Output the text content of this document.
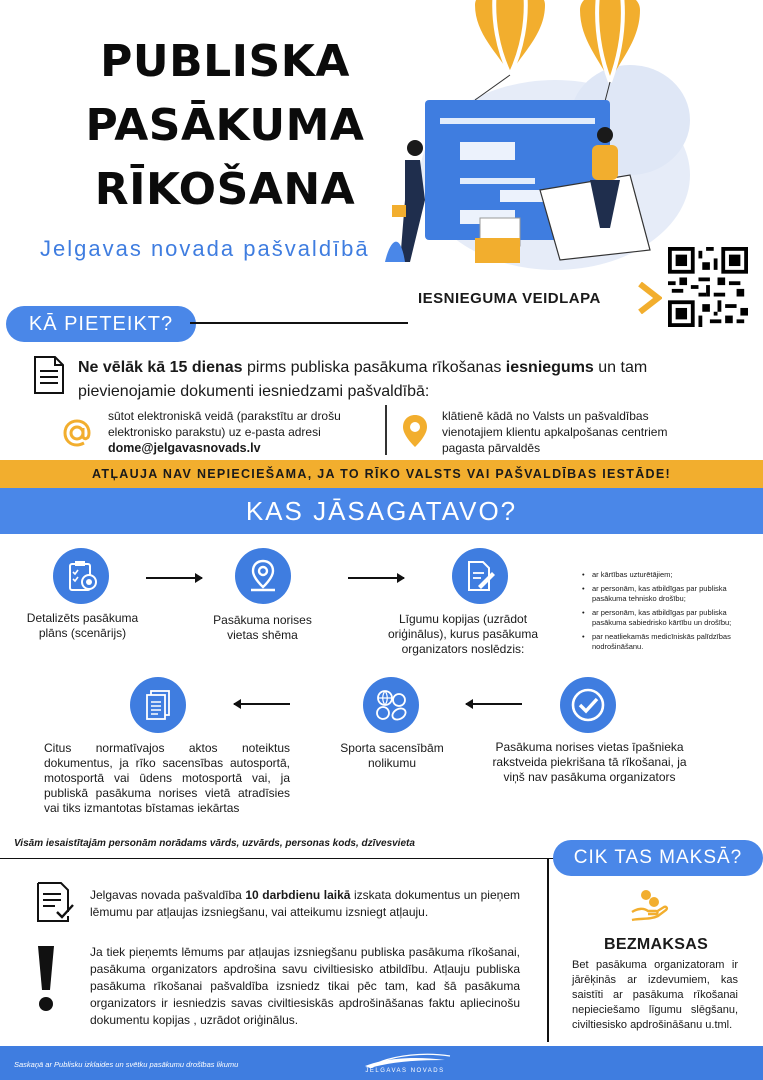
PUBLISKA
PASĀKUMA
RĪKOŠANA
Jelgavas novada pašvaldībā
IESNIEGUMA VEIDLAPA
KĀ PIETEIKT?
Ne vēlāk kā 15 dienas pirms publiska pasākuma rīkošanas iesniegums un tam pievienojamie dokumenti iesniedzami pašvaldībā:
sūtot elektroniskā veidā (parakstītu ar drošu elektronisko parakstu) uz e-pasta adresi
dome@jelgavasnovads.lv
klātienē kādā no Valsts un pašvaldības vienotajiem klientu apkalpošanas centriem pagasta pārvaldēs
ATĻAUJA NAV NEPIECIEŠAMA, JA TO RĪKO VALSTS VAI PAŠVALDĪBAS IESTĀDE!
KAS JĀSAGATAVO?
Detalizēts pasākuma plāns (scenārijs)
Pasākuma norises vietas shēma
Līgumu kopijas (uzrādot oriģinālus), kurus pasākuma organizators noslēdzis:
• ar kārtības uzturētājiem;
• ar personām, kas atbildīgas par publiska pasākuma tehnisko drošību;
• ar personām, kas atbildīgas par publiska pasākuma sabiedrisko kārtību un drošību;
• par neatliekamās medicīniskās palīdzības nodrošināšanu.
Pasākuma norises vietas īpašnieka rakstveida piekrišana tā rīkošanai, ja viņš nav pasākuma organizators
Sporta sacensībām nolikumu
Citus normatīvajos aktos noteiktus dokumentus, ja rīko sacensības autosportā, motosportā vai ūdens motosportā vai, ja publiskā pasākuma norises vietā atradīsies vai tiks izmantotas bīstamas iekārtas
Visām iesaistītajām personām norādams vārds, uzvārds, personas kods, dzīvesvieta
CIK TAS MAKSĀ?
Jelgavas novada pašvaldība 10 darbdienu laikā izskata dokumentus un pieņem lēmumu par atļaujas izsniegšanu, vai atteikumu izsniegt atļauju.
Ja tiek pieņemts lēmums par atļaujas izsniegšanu publiska pasākuma rīkošanai, pasākuma organizators apdrošina savu civiltiesisko atbildību. Atļauju publiska pasākuma rīkošanai pašvaldība izsniedz tikai pēc tam, kad šā pasākuma organizators ir iesniedzis savas civiltiesiskās apdrošināšanas faktu apliecinošu dokumentu kopijas , uzrādot oriģinālus.
BEZMAKSAS
Bet pasākuma organizatoram ir jārēķinās ar izdevumiem, kas saistīti ar pasākuma rīkošanai nepieciešamo līgumu slēgšanu, civiltiesisko apdrošināšanu u.tml.
Saskaņā ar Publisku izklaides un svētku pasākumu drošības likumu
JELGAVAS NOVADS
